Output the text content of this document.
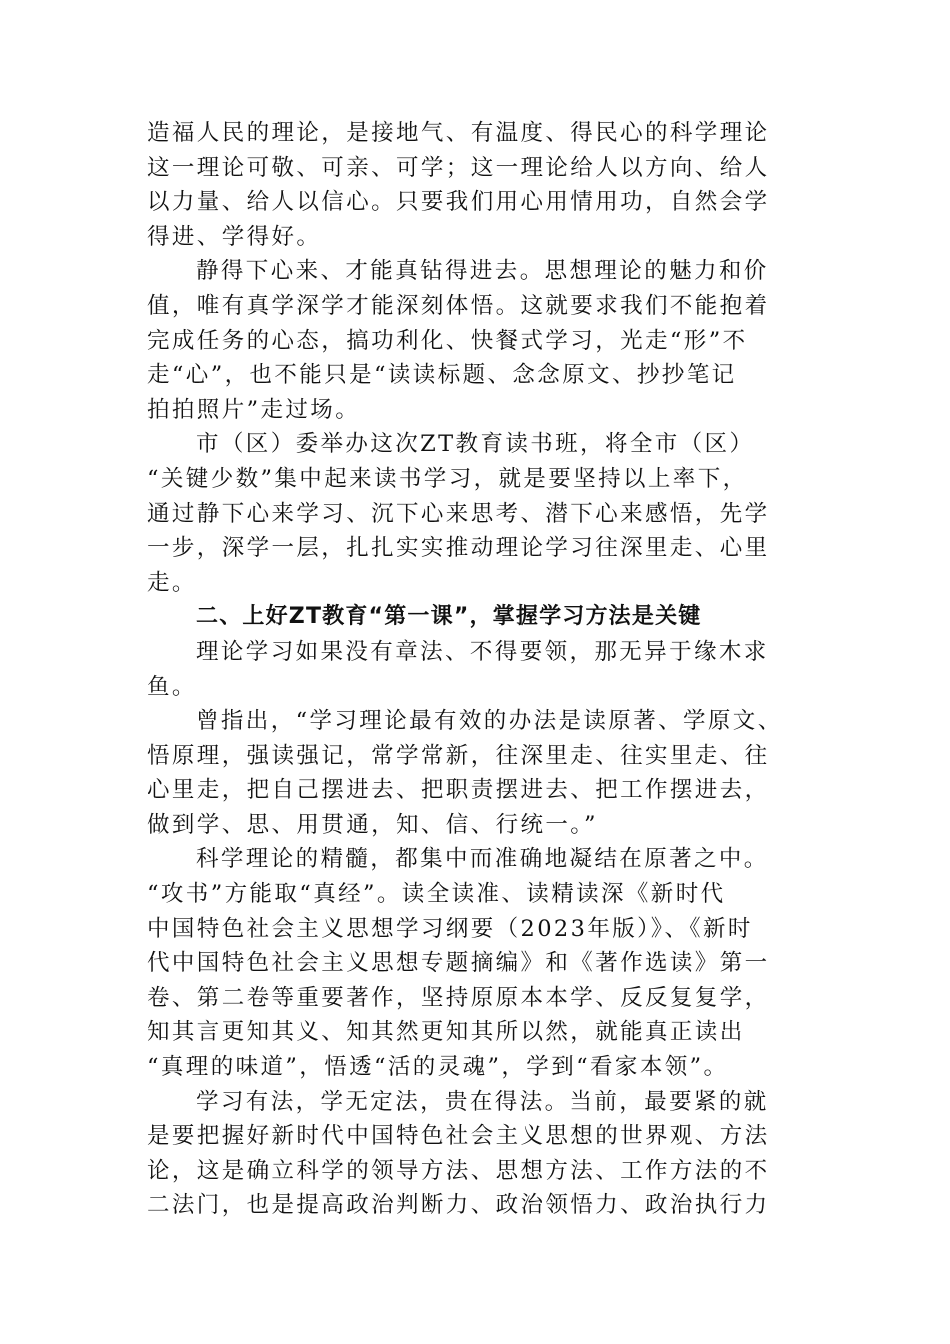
造福人民的理论，是接地气、有温度、得民心的科学理论
这一理论可敬、可亲、可学；这一理论给人以方向、给人
以力量、给人以信心。只要我们用心用情用功，自然会学
得进、学得好。
静得下心来、才能真钻得进去。思想理论的魅力和价
值，唯有真学深学才能深刻体悟。这就要求我们不能抱着
完成任务的心态，搞功利化、快餐式学习，光走“形”不
走“心”，也不能只是“读读标题、念念原文、抄抄笔记
拍拍照片”走过场。
市（区）委举办这次ZT教育读书班，将全市（区）
“关键少数”集中起来读书学习，就是要坚持以上率下，
通过静下心来学习、沉下心来思考、潜下心来感悟，先学
一步，深学一层，扎扎实实推动理论学习往深里走、心里
走。
二、上好ZT教育“第一课”，掌握学习方法是关键
理论学习如果没有章法、不得要领，那无异于缘木求
鱼。
曾指出，“学习理论最有效的办法是读原著、学原文、
悟原理，强读强记，常学常新，往深里走、往实里走、往
心里走，把自己摆进去、把职责摆进去、把工作摆进去，
做到学、思、用贯通，知、信、行统一。”
科学理论的精髓，都集中而准确地凝结在原著之中。
“攻书”方能取“真经”。读全读准、读精读深《新时代
中国特色社会主义思想学习纲要（2023年版）》、《新时
代中国特色社会主义思想专题摘编》和《著作选读》第一
卷、第二卷等重要著作，坚持原原本本学、反反复复学，
知其言更知其义、知其然更知其所以然，就能真正读出
“真理的味道”，悟透“活的灵魂”，学到“看家本领”。
学习有法，学无定法，贵在得法。当前，最要紧的就
是要把握好新时代中国特色社会主义思想的世界观、方法
论，这是确立科学的领导方法、思想方法、工作方法的不
二法门，也是提高政治判断力、政治领悟力、政治执行力
